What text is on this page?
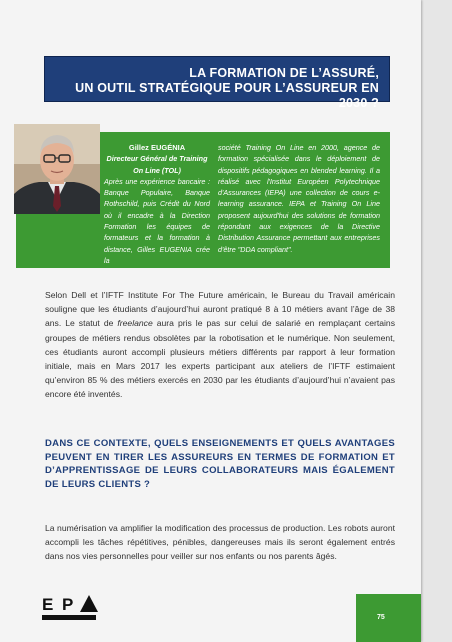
LA FORMATION DE L’ASSURÉ,
UN OUTIL STRATÉGIQUE POUR L’ASSUREUR EN 2030 ?
Gillez EUGÉNIA
Directeur Général de Training On Line (TOL)
Après une expérience bancaire : Banque Populaire, Banque Rothschild, puis Crédit du Nord où il encadre à la Direction Formation les équipes de formateurs et la formation à distance, Gilles EUGENIA crée la
société Training On Line en 2000, agence de formation spécialisée dans le déploiement de dispositifs pédagogiques en blended learning. Il a réalisé avec l'Institut Européen Polytechnique d'Assurances (IEPA) une collection de cours e-learning assurance. IEPA et Training On Line proposent aujourd'hui des solutions de formation répondant aux exigences de la Directive Distribution Assurance permettant aux entreprises d'être "DDA compliant".
Selon Dell et l’IFTF Institute For The Future américain, le Bureau du Travail américain souligne que les étudiants d’aujourd’hui auront pratiqué 8 à 10 métiers avant l’âge de 38 ans. Le statut de freelance aura pris le pas sur celui de salarié en remplaçant certains groupes de métiers rendus obsolètes par la robotisation et le numérique. Non seulement, ces étudiants auront accompli plusieurs métiers différents par rapport à leur formation initiale, mais en Mars 2017 les experts participant aux ateliers de l’IFTF estimaient qu’environ 85 % des métiers exercés en 2030 par les étudiants d’aujourd’hui n’avaient pas encore été inventés.
DANS CE CONTEXTE, QUELS ENSEIGNEMENTS ET QUELS AVANTAGES PEUVENT EN TIRER LES ASSUREURS EN TERMES DE FORMATION ET D’APPRENTISSAGE DE LEURS COLLABORATEURS MAIS ÉGALEMENT DE LEURS CLIENTS ?
La numérisation va amplifier la modification des processus de production. Les robots auront accompli les tâches répétitives, pénibles, dangereuses mais ils seront également entrés dans nos vies personnelles pour veiller sur nos enfants ou nos parents âgés.
E P
75
